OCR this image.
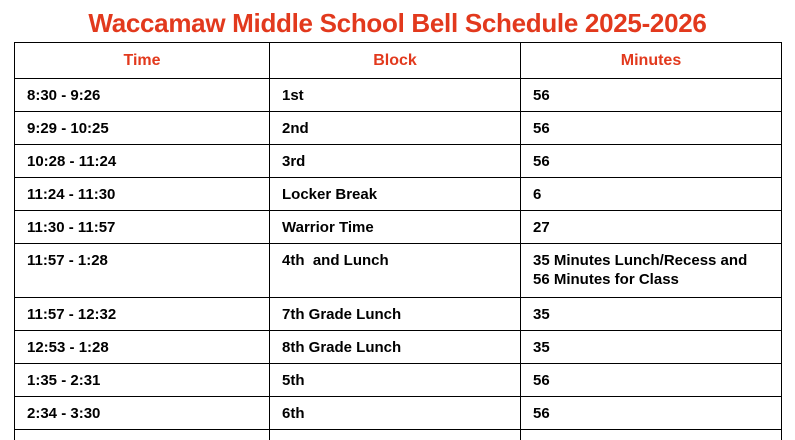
Waccamaw Middle School Bell Schedule 2025-2026
Time	Block	Minutes
8:30 - 9:26	1st	56
9:29 - 10:25	2nd	56
10:28 - 11:24	3rd	56
11:24 - 11:30	Locker Break	6
11:30 - 11:57	Warrior Time	27
11:57 - 1:28	4th  and Lunch	35 Minutes Lunch/Recess and
56 Minutes for Class
11:57 - 12:32	7th Grade Lunch	35
12:53 - 1:28	8th Grade Lunch	35
1:35 - 2:31	5th	56
2:34 - 3:30	6th	56
